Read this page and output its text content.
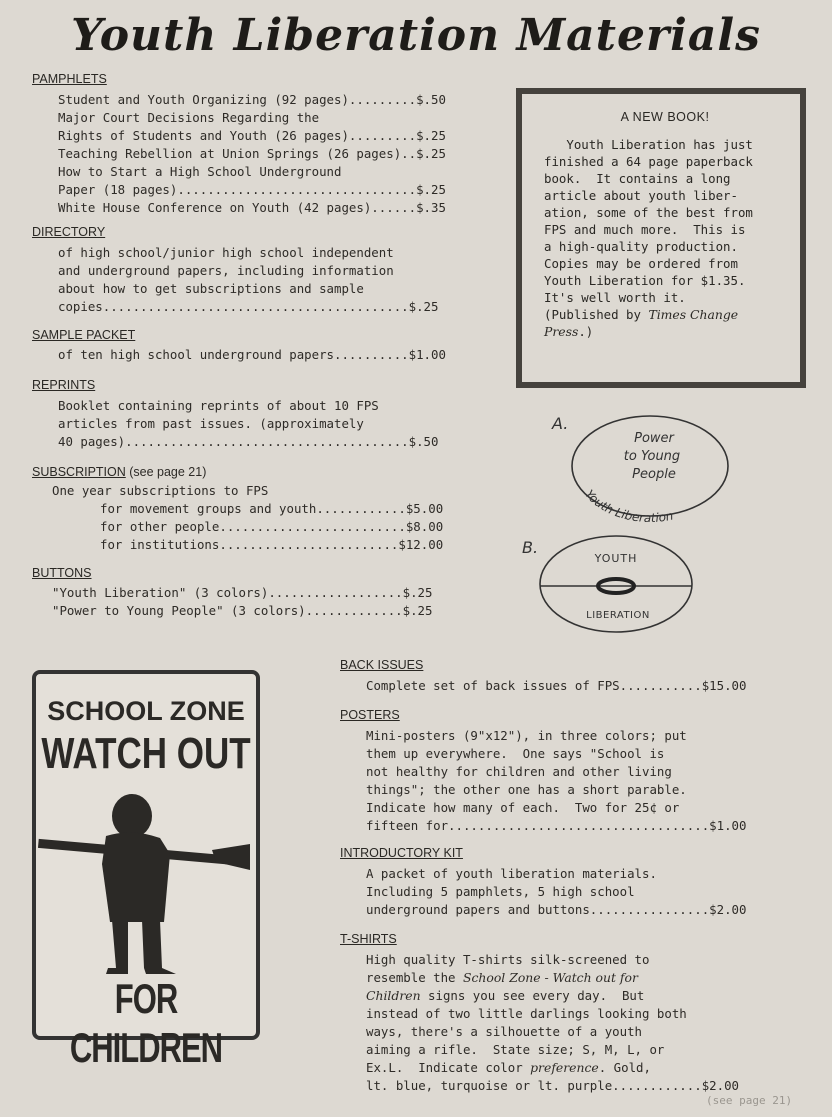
Youth Liberation Materials
PAMPHLETS
Student and Youth Organizing (92 pages).........$.50
Major Court Decisions Regarding the
Rights of Students and Youth (26 pages).........$.25
Teaching Rebellion at Union Springs (26 pages)..$.25
How to Start a High School Underground
Paper (18 pages)................................$.25
White House Conference on Youth (42 pages)......$.35
DIRECTORY
of high school/junior high school independent
and underground papers, including information
about how to get subscriptions and sample
copies.........................................$.25
SAMPLE PACKET
of ten high school underground papers..........$1.00
REPRINTS
Booklet containing reprints of about 10 FPS
articles from past issues. (approximately
40 pages)......................................$.50
SUBSCRIPTION (see page 21)
One year subscriptions to FPS
for movement groups and youth............$5.00
for other people.........................$8.00
for institutions........................$12.00
BUTTONS
"Youth Liberation" (3 colors)..................$.25
"Power to Young People" (3 colors).............$.25
A NEW BOOK!
Youth Liberation has just
finished a 64 page paperback
book.  It contains a long
article about youth liber-
ation, some of the best from
FPS and much more.  This is
a high-quality production.
Copies may be ordered from
Youth Liberation for $1.35.
It's well worth it.
(Published by Times Change
Press.)
A.
Power
to Young
People
Youth Liberation
B.
YOUTH
LIBERATION
SCHOOL ZONE
WATCH OUT
FOR CHILDREN
BACK ISSUES
Complete set of back issues of FPS...........$15.00
POSTERS
Mini-posters (9"x12"), in three colors; put
them up everywhere.  One says "School is
not healthy for children and other living
things"; the other one has a short parable.
Indicate how many of each.  Two for 25¢ or
fifteen for...................................$1.00
INTRODUCTORY KIT
A packet of youth liberation materials.
Including 5 pamphlets, 5 high school
underground papers and buttons................$2.00
T-SHIRTS
High quality T-shirts silk-screened to
resemble the School Zone - Watch out for
Children signs you see every day.  But
instead of two little darlings looking both
ways, there's a silhouette of a youth
aiming a rifle.  State size; S, M, L, or
Ex.L.  Indicate color preference. Gold,
lt. blue, turquoise or lt. purple............$2.00
(see page 21)
